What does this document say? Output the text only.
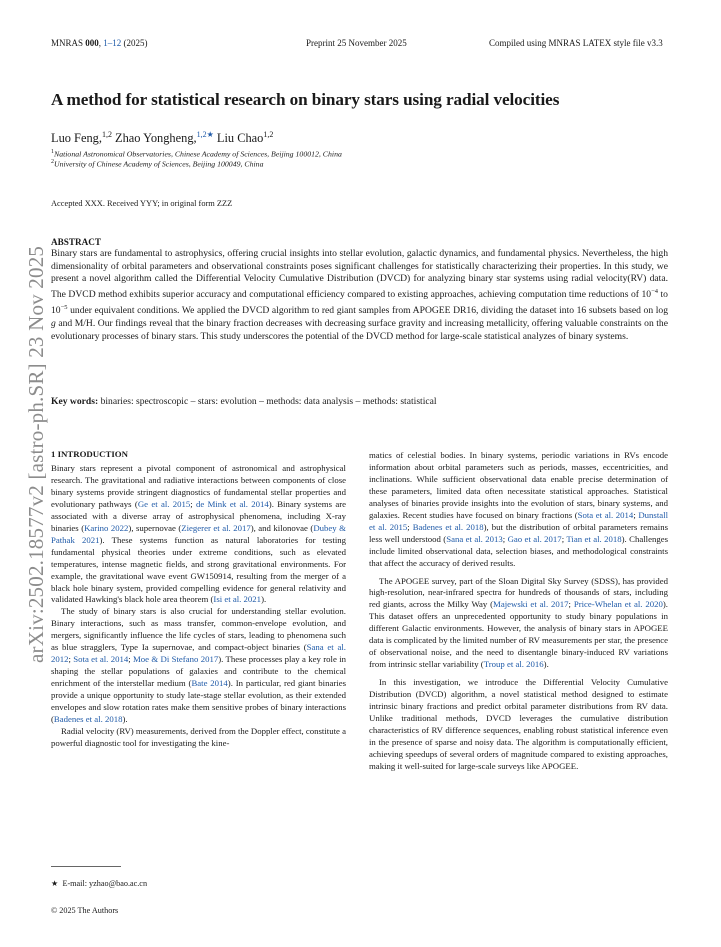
MNRAS 000, 1–12 (2025)	Preprint 25 November 2025	Compiled using MNRAS LATEX style file v3.3
A method for statistical research on binary stars using radial velocities
Luo Feng,$^{1,2}$ Zhao Yongheng,$^{1,2★}$ Liu Chao$^{1,2}$
$^1$National Astronomical Observatories, Chinese Academy of Sciences, Beijing 100012, China
$^2$University of Chinese Academy of Sciences, Beijing 100049, China
Accepted XXX. Received YYY; in original form ZZZ
arXiv:2502.18577v2 [astro-ph.SR] 23 Nov 2025
ABSTRACT

Binary stars are fundamental to astrophysics, offering crucial insights into stellar evolution, galactic dynamics, and fundamental physics. Nevertheless, the high dimensionality of orbital parameters and observational constraints poses significant challenges for statistically characterizing their properties. In this study, we present a novel algorithm called the Differential Velocity Cumulative Distribution (DVCD) for analyzing binary star systems using radial velocity(RV) data. The DVCD method exhibits superior accuracy and computational efficiency compared to existing approaches, achieving computation time reductions of $10^{-4}$ to $10^{-5}$ under equivalent conditions. We applied the DVCD algorithm to red giant samples from APOGEE DR16, dividing the dataset into 16 subsets based on log g and M/H. Our findings reveal that the binary fraction decreases with decreasing surface gravity and increasing metallicity, offering valuable constraints on the evolutionary processes of binary stars. This study underscores the potential of the DVCD method for large-scale statistical analyzes of binary systems.

Key words: binaries: spectroscopic – stars: evolution – methods: data analysis – methods: statistical
1 INTRODUCTION

Binary stars represent a pivotal component of astronomical and astrophysical research. The gravitational and radiative interactions between components of close binary systems provide stringent diagnostics of fundamental stellar properties and evolutionary pathways (Ge et al. 2015; de Mink et al. 2014). Binary systems are associated with a diverse array of astrophysical phenomena, including X-ray binaries (Karino 2022), supernovae (Ziegerer et al. 2017), and kilonovae (Dubey & Pathak 2021). These systems function as natural laboratories for testing fundamental physical theories under extreme conditions, such as elevated temperatures, intense magnetic fields, and strong gravitational environments. For example, the gravitational wave event GW150914, resulting from the merger of a black hole binary system, provided compelling evidence for general relativity and validated Hawking's black hole area theorem (Isi et al. 2021).

The study of binary stars is also crucial for understanding stellar evolution. Binary interactions, such as mass transfer, common-envelope evolution, and mergers, significantly influence the life cycles of stars, leading to phenomena such as blue stragglers, Type Ia supernovae, and compact-object binaries (Sana et al. 2012; Sota et al. 2014; Moe & Di Stefano 2017). These processes play a key role in shaping the stellar populations of galaxies and contribute to the chemical enrichment of the interstellar medium (Bate 2014). In particular, red giant binaries provide a unique opportunity to study late-stage stellar evolution, as their extended envelopes and slow rotation rates make them sensitive probes of binary interactions (Badenes et al. 2018).

Radial velocity (RV) measurements, derived from the Doppler effect, constitute a powerful diagnostic tool for investigating the kine-

matics of celestial bodies. In binary systems, periodic variations in RVs encode information about orbital parameters such as periods, masses, eccentricities, and inclinations. While sufficient observational data enable precise determination of these parameters, limited data often necessitate statistical approaches. Statistical analyses of binaries provide insights into the evolution of stars, binary systems, and galaxies. Recent studies have focused on binary fractions (Sota et al. 2014; Dunstall et al. 2015; Badenes et al. 2018), but the distribution of orbital parameters remains less well understood (Sana et al. 2013; Gao et al. 2017; Tian et al. 2018). Challenges include limited observational data, selection biases, and methodological constraints that affect the accuracy of derived results.

The APOGEE survey, part of the Sloan Digital Sky Survey (SDSS), has provided high-resolution, near-infrared spectra for hundreds of thousands of stars, including red giants, across the Milky Way (Majewski et al. 2017; Price-Whelan et al. 2020). This dataset offers an unprecedented opportunity to study binary populations in different Galactic environments. However, the analysis of binary stars in APOGEE data is complicated by the limited number of RV measurements per star, the presence of observational noise, and the need to disentangle binary-induced RV variations from intrinsic stellar variability (Troup et al. 2016).

In this investigation, we introduce the Differential Velocity Cumulative Distribution (DVCD) algorithm, a novel statistical method designed to estimate intrinsic binary fractions and predict orbital parameter distributions from RV data. Unlike traditional methods, DVCD leverages the cumulative distribution characteristics of RV difference sequences, enabling robust statistical inference even in the presence of sparse and noisy data. The algorithm is computationally efficient, achieving speedups of several orders of magnitude compared to existing approaches, making it well-suited for large-scale surveys like APOGEE.

★ E-mail: yzhao@bao.ac.cn
© 2025 The Authors
